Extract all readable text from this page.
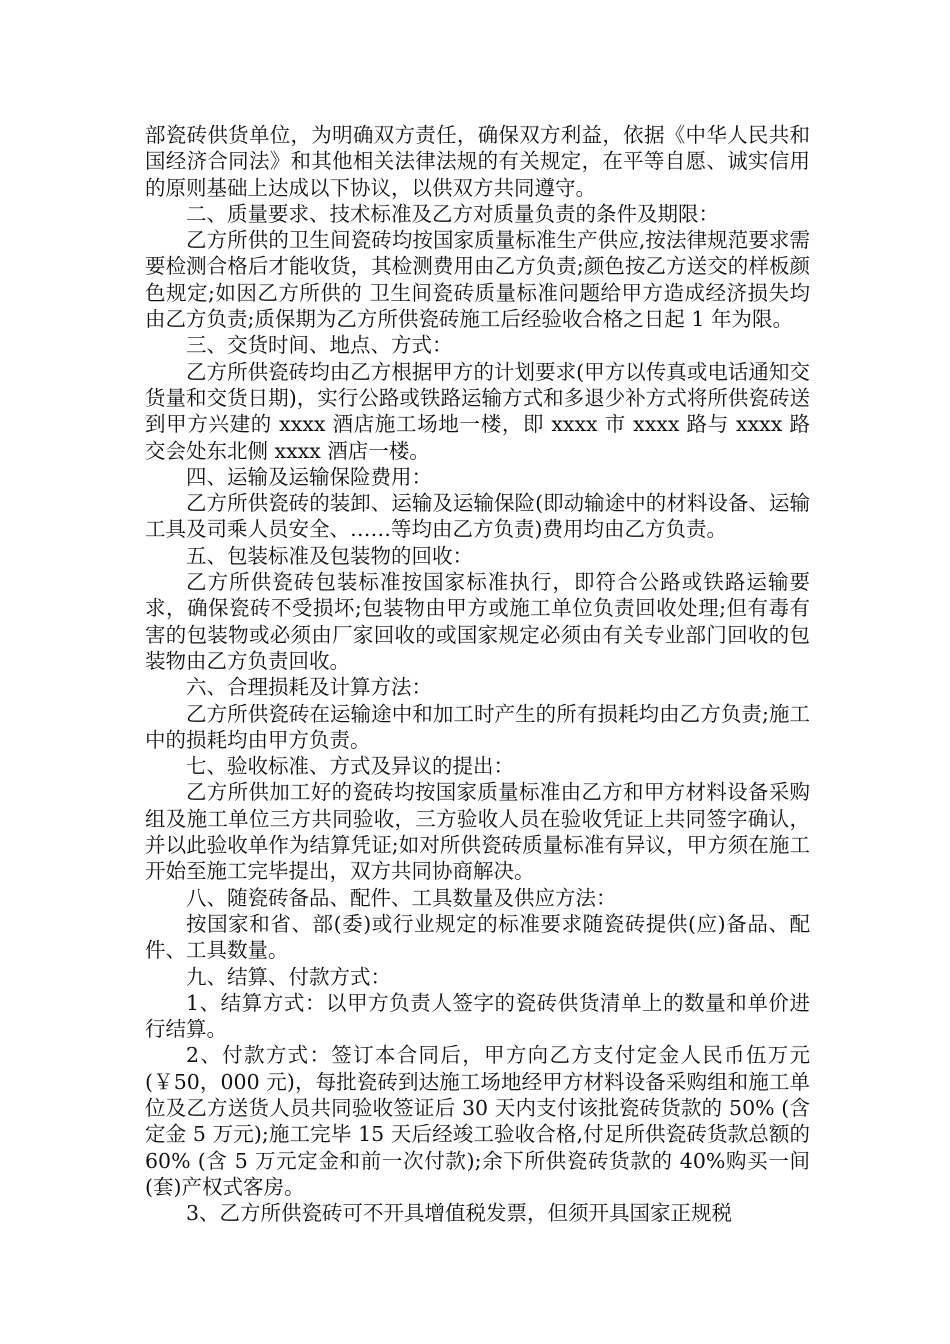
部瓷砖供货单位，为明确双方责任，确保双方利益，依据《中华人民共和国经济合同法》和其他相关法律法规的有关规定，在平等自愿、诚实信用的原则基础上达成以下协议，以供双方共同遵守。

二、质量要求、技术标准及乙方对质量负责的条件及期限：

乙方所供的卫生间瓷砖均按国家质量标准生产供应,按法律规范要求需要检测合格后才能收货，其检测费用由乙方负责;颜色按乙方送交的样板颜色规定;如因乙方所供的 卫生间瓷砖质量标准问题给甲方造成经济损失均由乙方负责;质保期为乙方所供瓷砖施工后经验收合格之日起 1 年为限。

三、交货时间、地点、方式：

乙方所供瓷砖均由乙方根据甲方的计划要求(甲方以传真或电话通知交货量和交货日期)，实行公路或铁路运输方式和多退少补方式将所供瓷砖送到甲方兴建的 xxxx 酒店施工场地一楼，即 xxxx 市 xxxx 路与 xxxx 路交会处东北侧 xxxx 酒店一楼。

四、运输及运输保险费用：

乙方所供瓷砖的装卸、运输及运输保险(即动输途中的材料设备、运输工具及司乘人员安全、……等均由乙方负责)费用均由乙方负责。

五、包装标准及包装物的回收：

乙方所供瓷砖包装标准按国家标准执行，即符合公路或铁路运输要求，确保瓷砖不受损坏;包装物由甲方或施工单位负责回收处理;但有毒有害的包装物或必须由厂家回收的或国家规定必须由有关专业部门回收的包装物由乙方负责回收。

六、合理损耗及计算方法：

乙方所供瓷砖在运输途中和加工时产生的所有损耗均由乙方负责;施工中的损耗均由甲方负责。

七、验收标准、方式及异议的提出：

乙方所供加工好的瓷砖均按国家质量标准由乙方和甲方材料设备采购组及施工单位三方共同验收，三方验收人员在验收凭证上共同签字确认，并以此验收单作为结算凭证;如对所供瓷砖质量标准有异议，甲方须在施工开始至施工完毕提出，双方共同协商解决。

八、随瓷砖备品、配件、工具数量及供应方法：

按国家和省、部(委)或行业规定的标准要求随瓷砖提供(应)备品、配件、工具数量。

九、结算、付款方式：

1、结算方式：以甲方负责人签字的瓷砖供货清单上的数量和单价进行结算。

2、付款方式：签订本合同后，甲方向乙方支付定金人民币伍万元(￥50，000 元)，每批瓷砖到达施工场地经甲方材料设备采购组和施工单位及乙方送货人员共同验收签证后 30 天内支付该批瓷砖货款的 50% (含定金 5 万元);施工完毕 15 天后经竣工验收合格,付足所供瓷砖货款总额的 60% (含 5 万元定金和前一次付款);余下所供瓷砖货款的 40%购买一间(套)产权式客房。

3、乙方所供瓷砖可不开具增值税发票，但须开具国家正规税
